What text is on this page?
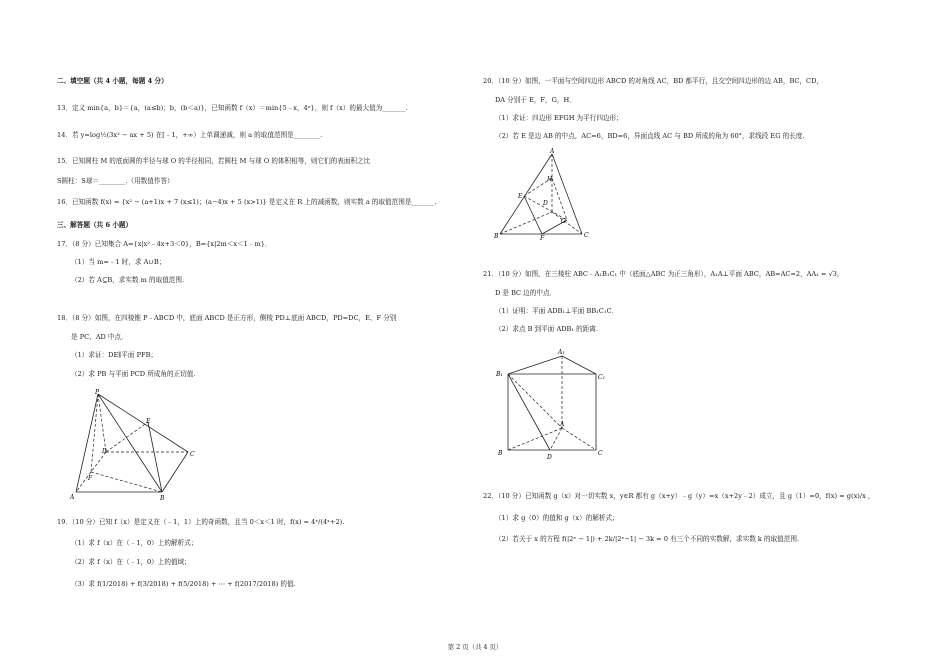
二、填空题（共 4 小题，每题 4 分）
13．定义 min{a，b}＝{a，(a≤b)；b，(b＜a)}，已知函数 f（x）＝min{5﹣x，4ˣ}，则 f（x）的最大值为_______.
14．若 y=log½(3x² − ax + 5) 在[﹣1，+∞）上单调递减，则 a 的取值范围是________.
15．已知圆柱 M 的底面圆的半径与球 O 的半径相同，若圆柱 M 与球 O 的体积相等，则它们的表面积之比
S圆柱：S球＝________.（用数值作答）
16．已知函数 f(x) = {x² − (a+1)x + 7 (x≤1)；(a−4)x + 5 (x>1)} 是定义在 R 上的减函数，则实数 a 的取值范围是_______.
三、解答题（共 6 小题）
17．（8 分）已知集合 A={x|x²﹣4x+3＜0}，B={x|2m＜x＜1﹣m}．
（1）当 m=﹣1 时，求 A∪B；
（2）若 A⊆B，求实数 m 的取值范围.
18．（8 分）如图，在四棱锥 P﹣ABCD 中，底面 ABCD 是正方形，侧棱 PD⊥底面 ABCD，PD=DC，E、F 分别
是 PC、AD 中点．
（1）求证：DE∥平面 PFB；
（2）求 PB 与平面 PCD 所成角的正切值.
P
E
C
D
F
A	B
19．（10 分）已知 f（x）是定义在（﹣1，1）上的奇函数，且当 0＜x＜1 时，f(x) = 4ˣ/(4ˣ+2).
（1）求 f（x）在（﹣1，0）上的解析式；
（2）求 f（x）在（﹣1，0）上的值域；
（3）求 f(1/2018) + f(3/2018) + f(5/2018) + ⋯ + f(2017/2018) 的值.
20．（10 分）如图，一平面与空间四边形 ABCD 的对角线 AC，BD 都平行，且交空间四边形的边 AB，BC，CD，
DA 分别于 E，F，G，H．
（1）求证：四边形 EFGH 为平行四边形；
（2）若 E 是边 AB 的中点，AC=6，BD=6，异面直线 AC 与 BD 所成的角为 60°，求线段 EG 的长度.
A
H
E
D
G
B	F	C
21．（10 分）如图，在三棱柱 ABC﹣A₁B₁C₁ 中（底面△ABC 为正三角形），A₁A⊥平面 ABC，AB=AC=2，AA₁ = √3，
D 是 BC 边的中点．
（1）证明：平面 ADB₁⊥平面 BB₁C₁C．
（2）求点 B 到平面 ADB₁ 的距离.
A₁
B₁	C₁
A
B
D
C
22．（10 分）已知函数 g（x）对一切实数 x，y∈R 都有 g（x+y）﹣g（y）=x（x+2y﹣2）成立，且 g（1）=0，f(x) = g(x)/x ，
（1）求 g（0）的值和 g（x）的解析式；
（2）若关于 x 的方程 f(|2ˣ − 1|) + 2k/|2ˣ−1| − 3k = 0 有三个不同的实数解，求实数 k 的取值范围.
第 2 页（共 4 页）
